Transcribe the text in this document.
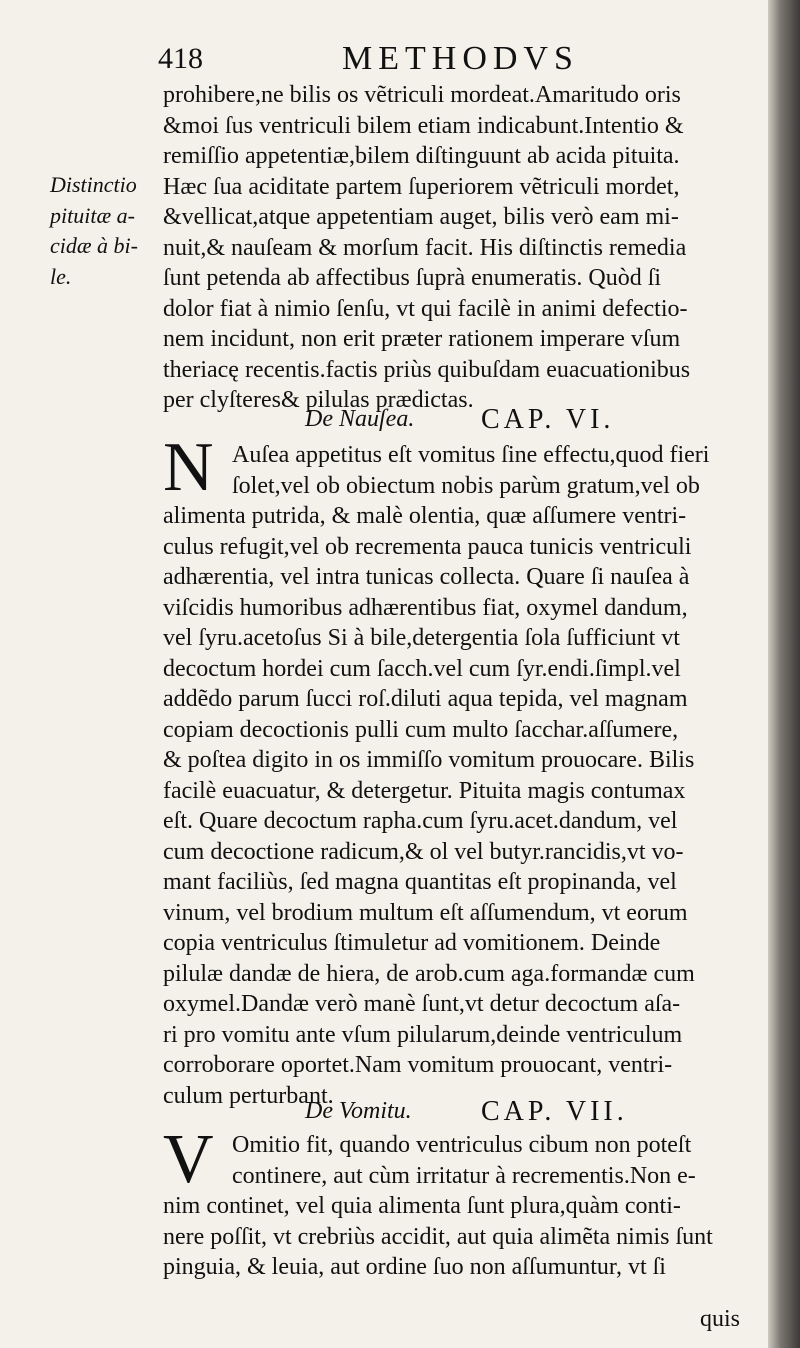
418	METHODVS
Distinctio
pituitæ a-
cidæ à bi-
le.
prohibere,ne bilis os vẽtriculi mordeat.Amaritudo oris
&moi ſus ventriculi bilem etiam indicabunt.Intentio &
remiſſio appetentiæ,bilem diſtinguunt ab acida pituita.
Hæc ſua aciditate partem ſuperiorem vẽtriculi mordet,
&vellicat,atque appetentiam auget, bilis verò eam mi-
nuit,& nauſeam & morſum facit. His diſtinctis remedia
ſunt petenda ab affectibus ſuprà enumeratis. Quòd ſi
dolor fiat à nimio ſenſu, vt qui facilè in animi defectio-
nem incidunt, non erit præter rationem imperare vſum
theriacę recentis.factis priùs quibuſdam euacuationibus
per clyſteres& pilulas prædictas.
De Nauſea. CAP. VI.
N Auſea appetitus eſt vomitus ſine effectu,quod fieri
ſolet,vel ob obiectum nobis parùm gratum,vel ob
alimenta putrida, & malè olentia, quæ aſſumere ventri-
culus refugit,vel ob recrementa pauca tunicis ventriculi
adhærentia, vel intra tunicas collecta. Quare ſi nauſea à
viſcidis humoribus adhærentibus fiat, oxymel dandum,
vel ſyru.acetoſus Si à bile,detergentia ſola ſufficiunt vt
decoctum hordei cum ſacch.vel cum ſyr.endi.ſimpl.vel
addẽdo parum ſucci roſ.diluti aqua tepida, vel magnam
copiam decoctionis pulli cum multo ſacchar.aſſumere,
& poſtea digito in os immiſſo vomitum prouocare. Bilis
facilè euacuatur, & detergetur. Pituita magis contumax
eſt. Quare decoctum rapha.cum ſyru.acet.dandum, vel
cum decoctione radicum,& ol vel butyr.rancidis,vt vo-
mant faciliùs, ſed magna quantitas eſt propinanda, vel
vinum, vel brodium multum eſt aſſumendum, vt eorum
copia ventriculus ſtimuletur ad vomitionem. Deinde
pilulæ dandæ de hiera, de arob.cum aga.formandæ cum
oxymel.Dandæ verò manè ſunt,vt detur decoctum aſa-
ri pro vomitu ante vſum pilularum,deinde ventriculum
corroborare oportet.Nam vomitum prouocant, ventri-
culum perturbant.
De Vomitu. CAP. VII.
V Omitio fit, quando ventriculus cibum non poteſt
continere, aut cùm irritatur à recrementis.Non e-
nim continet, vel quia alimenta ſunt plura,quàm conti-
nere poſſit, vt crebriùs accidit, aut quia alimẽta nimis ſunt
pinguia, & leuia, aut ordine ſuo non aſſumuntur, vt ſi
quis
